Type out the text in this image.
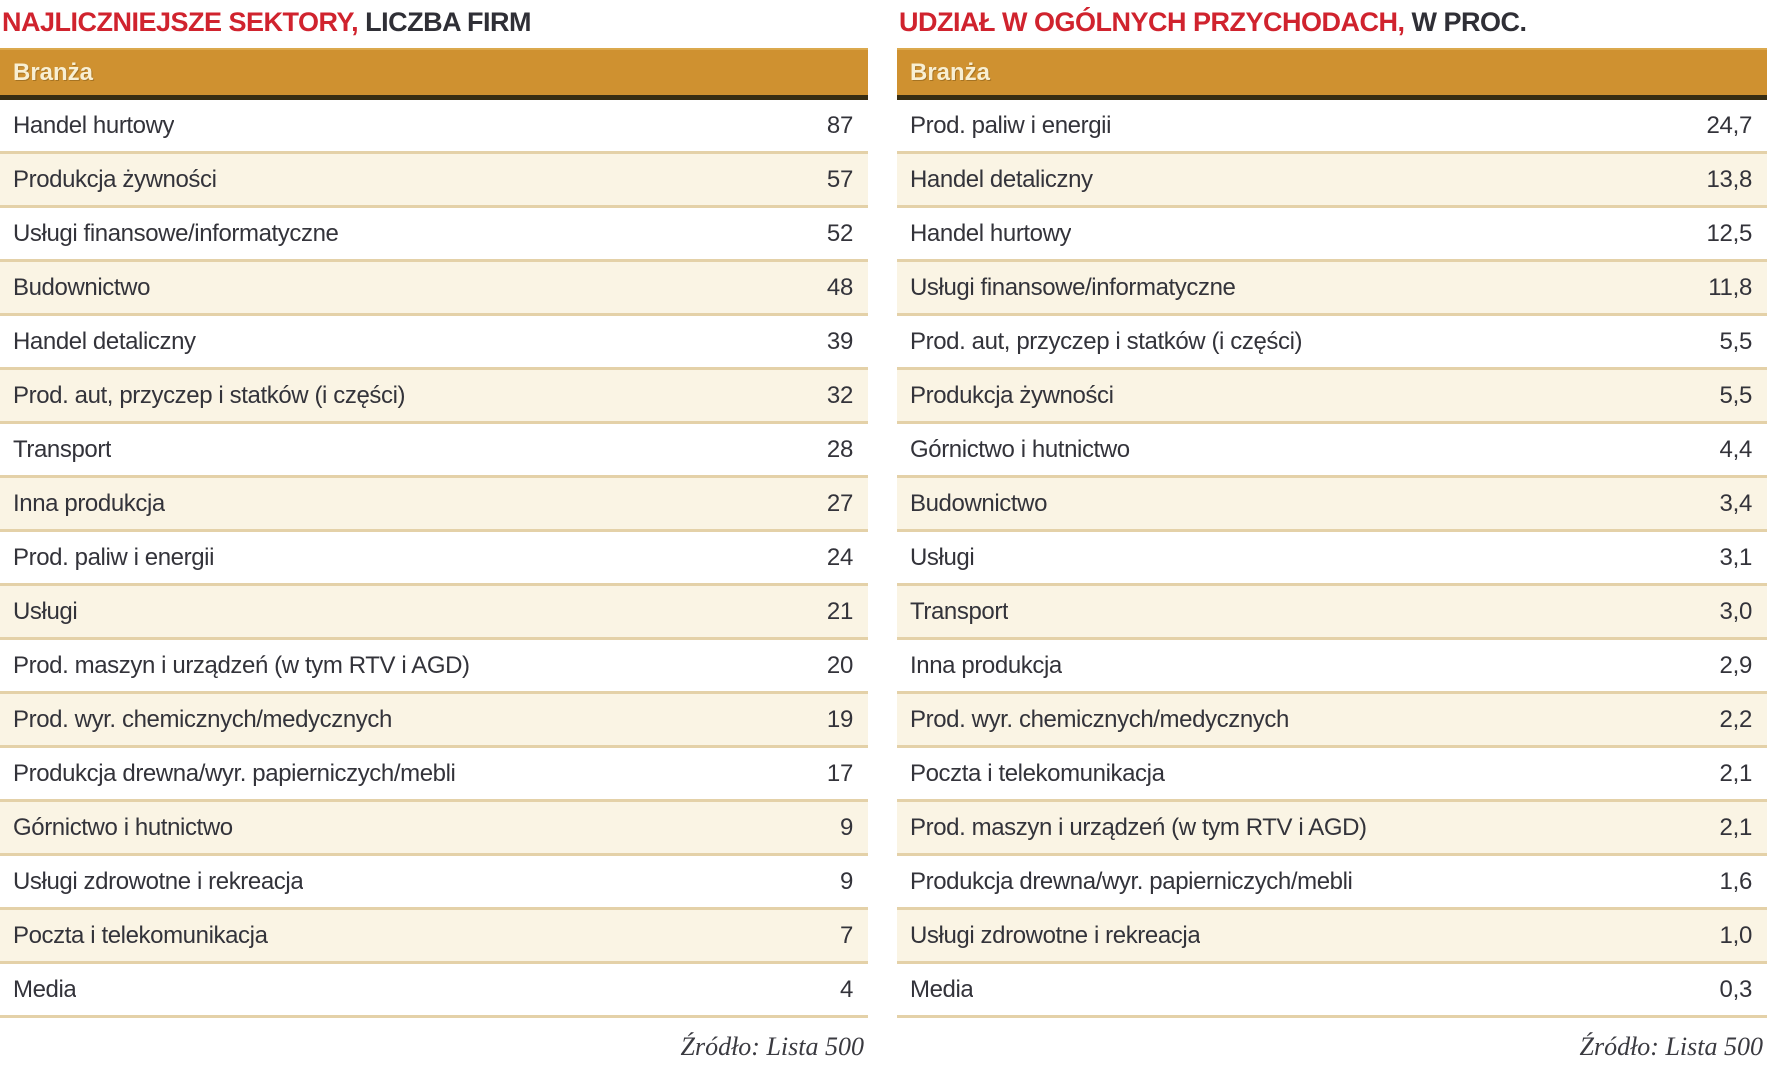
NAJLICZNIEJSZE SEKTORY, LICZBA FIRM
Branża
Handel hurtowy	87
Produkcja żywności	57
Usługi finansowe/informatyczne	52
Budownictwo	48
Handel detaliczny	39
Prod. aut, przyczep i statków (i części)	32
Transport	28
Inna produkcja	27
Prod. paliw i energii	24
Usługi	21
Prod. maszyn i urządzeń (w tym RTV i AGD)	20
Prod. wyr. chemicznych/medycznych	19
Produkcja drewna/wyr. papierniczych/mebli	17
Górnictwo i hutnictwo	9
Usługi zdrowotne i rekreacja	9
Poczta i telekomunikacja	7
Media	4
Źródło: Lista 500
UDZIAŁ W OGÓLNYCH PRZYCHODACH, W PROC.
Branża
Prod. paliw i energii	24,7
Handel detaliczny	13,8
Handel hurtowy	12,5
Usługi finansowe/informatyczne	11,8
Prod. aut, przyczep i statków (i części)	5,5
Produkcja żywności	5,5
Górnictwo i hutnictwo	4,4
Budownictwo	3,4
Usługi	3,1
Transport	3,0
Inna produkcja	2,9
Prod. wyr. chemicznych/medycznych	2,2
Poczta i telekomunikacja	2,1
Prod. maszyn i urządzeń (w tym RTV i AGD)	2,1
Produkcja drewna/wyr. papierniczych/mebli	1,6
Usługi zdrowotne i rekreacja	1,0
Media	0,3
Źródło: Lista 500
